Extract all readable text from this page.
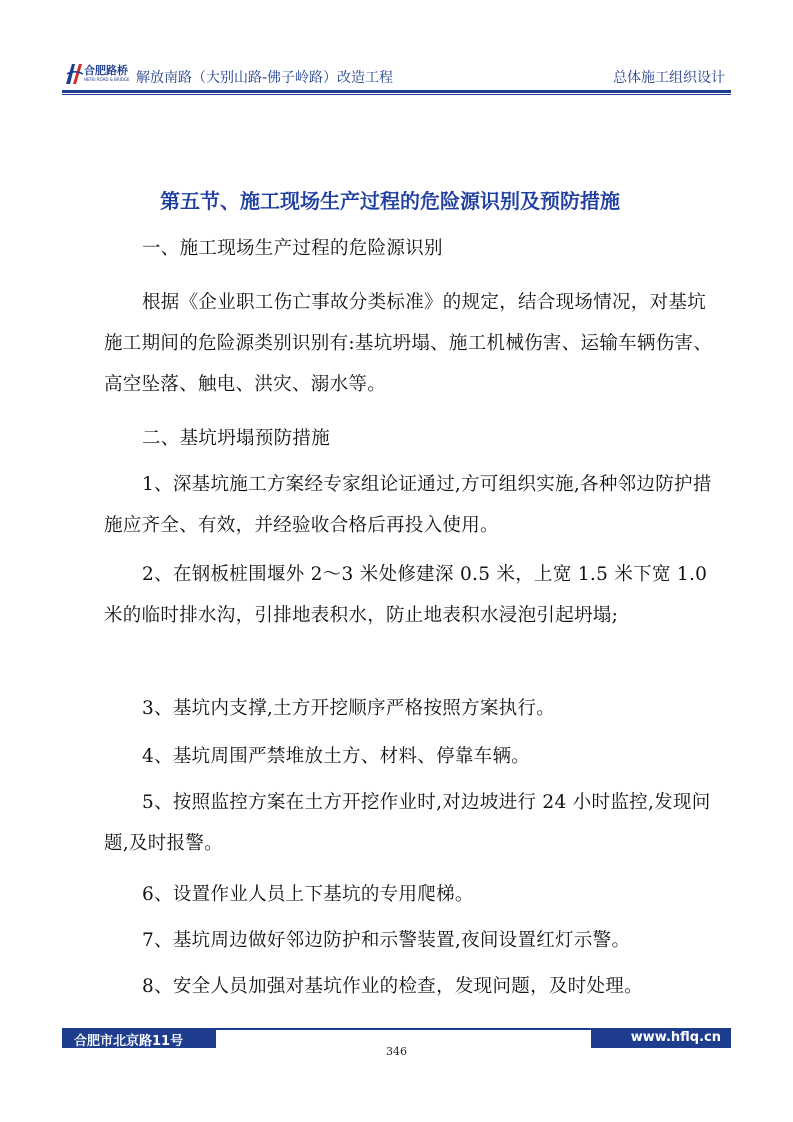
合肥路桥
HEFEI ROAD & BRIDGE 解放南路（大别山路-佛子岭路）改造工程	总体施工组织设计
第五节、施工现场生产过程的危险源识别及预防措施

一、施工现场生产过程的危险源识别

根据《企业职工伤亡事故分类标准》的规定，结合现场情况，对基坑施工期间的危险源类别识别有:基坑坍塌、施工机械伤害、运输车辆伤害、高空坠落、触电、洪灾、溺水等。

二、基坑坍塌预防措施

1、深基坑施工方案经专家组论证通过,方可组织实施,各种邻边防护措施应齐全、有效，并经验收合格后再投入使用。

2、在钢板桩围堰外 2～3 米处修建深 0.5 米，上宽 1.5 米下宽 1.0 米的临时排水沟，引排地表积水，防止地表积水浸泡引起坍塌;

3、基坑内支撑,土方开挖顺序严格按照方案执行。

4、基坑周围严禁堆放土方、材料、停靠车辆。

5、按照监控方案在土方开挖作业时,对边坡进行 24 小时监控,发现问题,及时报警。

6、设置作业人员上下基坑的专用爬梯。

7、基坑周边做好邻边防护和示警装置,夜间设置红灯示警。

8、安全人员加强对基坑作业的检查，发现问题，及时处理。

合肥市北京路11号	www.hflq.cn
346
